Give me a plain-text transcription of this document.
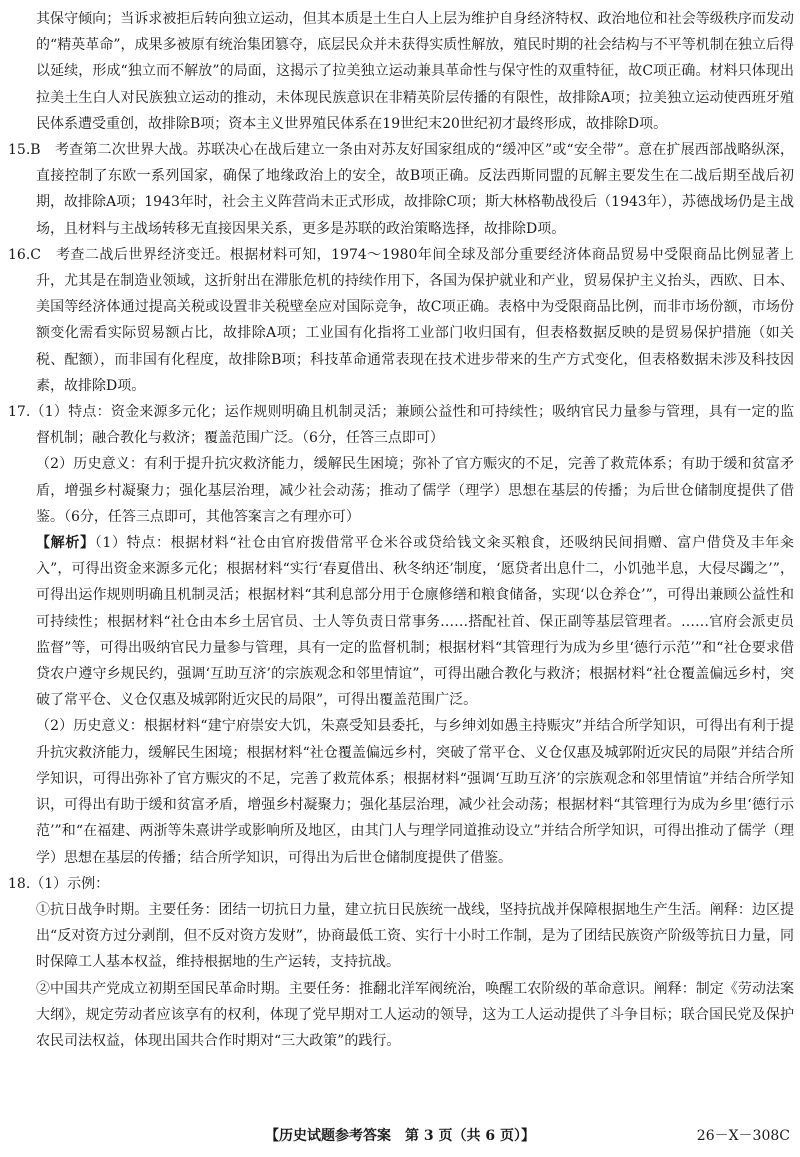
其保守倾向；当诉求被拒后转向独立运动，但其本质是土生白人上层为维护自身经济特权、政治地位和社会等级秩序而发动的“精英革命”，成果多被原有统治集团篡夺，底层民众并未获得实质性解放，殖民时期的社会结构与不平等机制在独立后得以延续，形成“独立而不解放”的局面，这揭示了拉美独立运动兼具革命性与保守性的双重特征，故C项正确。材料只体现出拉美土生白人对民族独立运动的推动，未体现民族意识在非精英阶层传播的有限性，故排除A项；拉美独立运动使西班牙殖民体系遭受重创，故排除B项；资本主义世界殖民体系在19世纪末20世纪初才最终形成，故排除D项。

15.B　考查第二次世界大战。苏联决心在战后建立一条由对苏友好国家组成的“缓冲区”或“安全带”。意在扩展西部战略纵深，直接控制了东欧一系列国家，确保了地缘政治上的安全，故B项正确。反法西斯同盟的瓦解主要发生在二战后期至战后初期，故排除A项；1943年时，社会主义阵营尚未正式形成，故排除C项；斯大林格勒战役后（1943年），苏德战场仍是主战场，且材料与主战场转移无直接因果关系，更多是苏联的政治策略选择，故排除D项。

16.C　考查二战后世界经济变迁。根据材料可知，1974～1980年间全球及部分重要经济体商品贸易中受限商品比例显著上升，尤其是在制造业领域，这折射出在滞胀危机的持续作用下，各国为保护就业和产业，贸易保护主义抬头，西欧、日本、美国等经济体通过提高关税或设置非关税壁垒应对国际竞争，故C项正确。表格中为受限商品比例，而非市场份额，市场份额变化需看实际贸易额占比，故排除A项；工业国有化指将工业部门收归国有，但表格数据反映的是贸易保护措施（如关税、配额），而非国有化程度，故排除B项；科技革命通常表现在技术进步带来的生产方式变化，但表格数据未涉及科技因素，故排除D项。

17.（1）特点：资金来源多元化；运作规则明确且机制灵活；兼顾公益性和可持续性；吸纳官民力量参与管理，具有一定的监督机制；融合教化与救济；覆盖范围广泛。（6分，任答三点即可）

（2）历史意义：有利于提升抗灾救济能力，缓解民生困境；弥补了官方赈灾的不足，完善了救荒体系；有助于缓和贫富矛盾，增强乡村凝聚力；强化基层治理，减少社会动荡；推动了儒学（理学）思想在基层的传播；为后世仓储制度提供了借鉴。（6分，任答三点即可，其他答案言之有理亦可）

【解析】（1）特点：根据材料“社仓由官府拨借常平仓米谷或贷给钱文籴买粮食，还吸纳民间捐赠、富户借贷及丰年籴入”，可得出资金来源多元化；根据材料“实行‘春夏借出、秋冬纳还’制度，‘愿贷者出息什二，小饥弛半息，大侵尽蠲之’”，可得出运作规则明确且机制灵活；根据材料“其利息部分用于仓廪修缮和粮食储备，实现‘以仓养仓’”，可得出兼顾公益性和可持续性；根据材料“社仓由本乡土居官员、士人等负责日常事务……搭配社首、保正副等基层管理者。……官府会派吏员监督”等，可得出吸纳官民力量参与管理，具有一定的监督机制；根据材料“其管理行为成为乡里‘德行示范’”和“社仓要求借贷农户遵守乡规民约，强调‘互助互济’的宗族观念和邻里情谊”，可得出融合教化与救济；根据材料“社仓覆盖偏远乡村，突破了常平仓、义仓仅惠及城郭附近灾民的局限”，可得出覆盖范围广泛。

（2）历史意义：根据材料“建宁府崇安大饥，朱熹受知县委托，与乡绅刘如愚主持赈灾”并结合所学知识，可得出有利于提升抗灾救济能力，缓解民生困境；根据材料“社仓覆盖偏远乡村，突破了常平仓、义仓仅惠及城郭附近灾民的局限”并结合所学知识，可得出弥补了官方赈灾的不足，完善了救荒体系；根据材料“强调‘互助互济’的宗族观念和邻里情谊”并结合所学知识，可得出有助于缓和贫富矛盾，增强乡村凝聚力；强化基层治理，减少社会动荡；根据材料“其管理行为成为乡里‘德行示范’”和“在福建、两浙等朱熹讲学或影响所及地区，由其门人与理学同道推动设立”并结合所学知识，可得出推动了儒学（理学）思想在基层的传播；结合所学知识，可得出为后世仓储制度提供了借鉴。

18.（1）示例：

①抗日战争时期。主要任务：团结一切抗日力量，建立抗日民族统一战线，坚持抗战并保障根据地生产生活。阐释：边区提出“反对资方过分剥削，但不反对资方发财”，协商最低工资、实行十小时工作制，是为了团结民族资产阶级等抗日力量，同时保障工人基本权益，维持根据地的生产运转，支持抗战。

②中国共产党成立初期至国民革命时期。主要任务：推翻北洋军阀统治，唤醒工农阶级的革命意识。阐释：制定《劳动法案大纲》，规定劳动者应该享有的权利，体现了党早期对工人运动的领导，这为工人运动提供了斗争目标；联合国民党及保护农民司法权益，体现出国共合作时期对“三大政策”的践行。

【历史试题参考答案　第 3 页（共 6 页）】	26－X－308C
